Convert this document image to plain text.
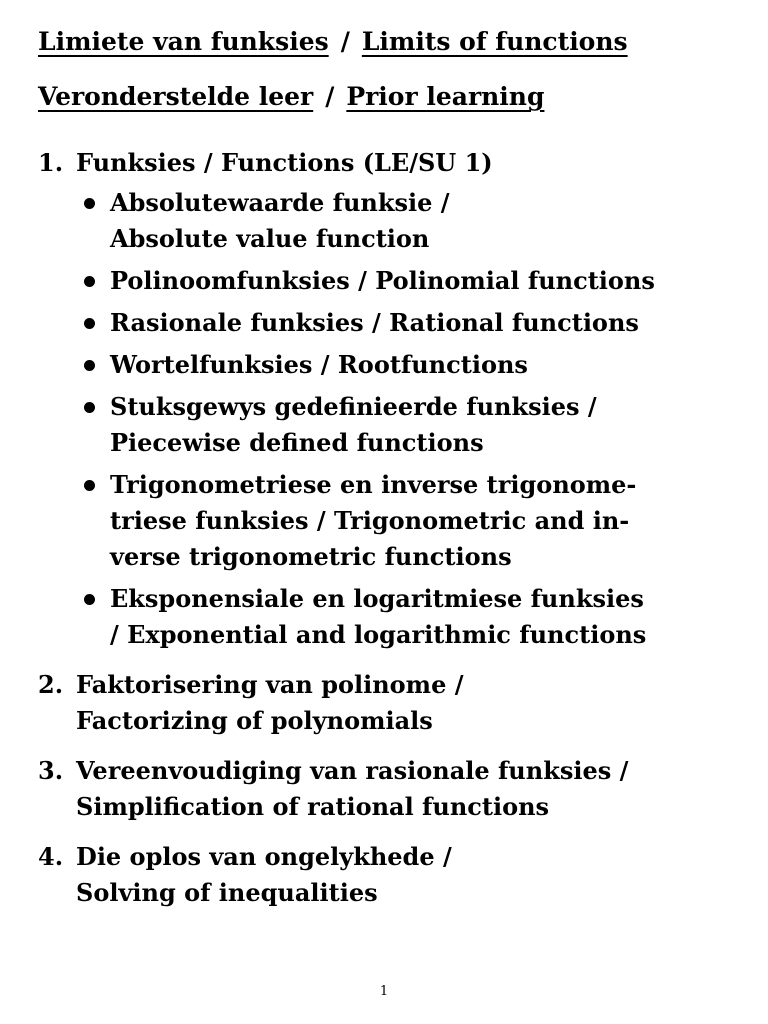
Limiete van funksies / Limits of functions
Veronderstelde leer / Prior learning
1. Funksies / Functions (LE/SU 1)
Absolutewaarde funksie /
Absolute value function
Polinoomfunksies / Polinomial functions
Rasionale funksies / Rational functions
Wortelfunksies / Rootfunctions
Stuksgewys gedefinieerde funksies /
Piecewise defined functions
Trigonometriese en inverse trigonome-
triese funksies / Trigonometric and in-
verse trigonometric functions
Eksponensiale en logaritmiese funksies
/ Exponential and logarithmic functions
2. Faktorisering van polinome /
Factorizing of polynomials
3. Vereenvoudiging van rasionale funksies /
Simplification of rational functions
4. Die oplos van ongelykhede /
Solving of inequalities
1
